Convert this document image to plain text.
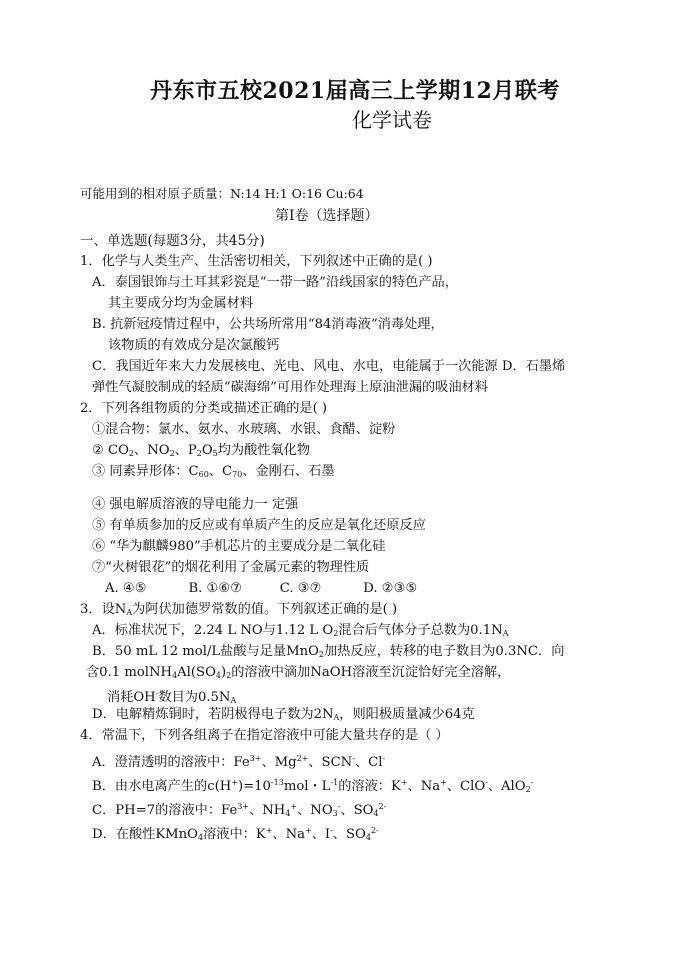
丹东市五校2021届高三上学期12月联考
化学试卷
可能用到的相对原子质量：N:14 H:1 O:16 Cu:64
第Ⅰ卷（选择题）
一、单选题(每题3分，共45分)
1．化学与人类生产、生活密切相关，下列叙述中正确的是( )
A．泰国银饰与土耳其彩瓷是“一带一路”沿线国家的特色产品，
其主要成分均为金属材料
B. 抗新冠疫情过程中，公共场所常用“84消毒液”消毒处理，
该物质的有效成分是次氯酸钙
C．我国近年来大力发展核电、光电、风电、水电，电能属于一次能源 D．石墨烯
弹性气凝胶制成的轻质“碳海绵”可用作处理海上原油泄漏的吸油材料
2．下列各组物质的分类或描述正确的是( )
①混合物：氯水、氨水、水玻璃、水银、食醋、淀粉
② $CO_2$、$NO_2$、$P_2O_5$均为酸性氧化物
③ 同素异形体：$C_{60}$、$C_{70}$、金刚石、石墨
④ 强电解质溶液的导电能力一 定强
⑤ 有单质参加的反应或有单质产生的反应是氧化还原反应
⑥ “华为麒麟980”手机芯片的主要成分是二氧化硅
⑦“火树银花”的烟花利用了金属元素的物理性质
A. ④⑤          B. ①⑥⑦         C. ③⑦          D. ②③⑤
3．设$N_A$为阿伏加德罗常数的值。下列叙述正确的是( )
A．标准状况下，2.24 L NO与1.12 L $O_2$混合后气体分子总数为$0.1N_A$
B．50 mL 12 mol/L盐酸与足量MnO$_2$加热反应，转移的电子数目为0.3NC．向
含0.1 $molNH_4Al(SO_4)_2$的溶液中滴加NaOH溶液至沉淀恰好完全溶解，
消耗OH-数目为$0.5N_A$
D．电解精炼铜时，若阴极得电子数为$2N_A$，则阳极质量减少64克
4．常温下，下列各组离子在指定溶液中可能大量共存的是（ ）
A．澄清透明的溶液中：$Fe^{3+}$、$Mg^{2+}$、SCN-、Cl-
B．由水电离产生的$c(H^+)=10^{-13}mol$・$L^{-1}$的溶液：K+、Na+、ClO-、AlO$_2$-
C．PH=7的溶液中：$Fe^{3+}$、$NH_4^+$、$NO_3^-$、$SO_4^{2-}$
D．在酸性KMnO$_4$溶液中：K+、Na+、I-、$SO_4^{2-}$
